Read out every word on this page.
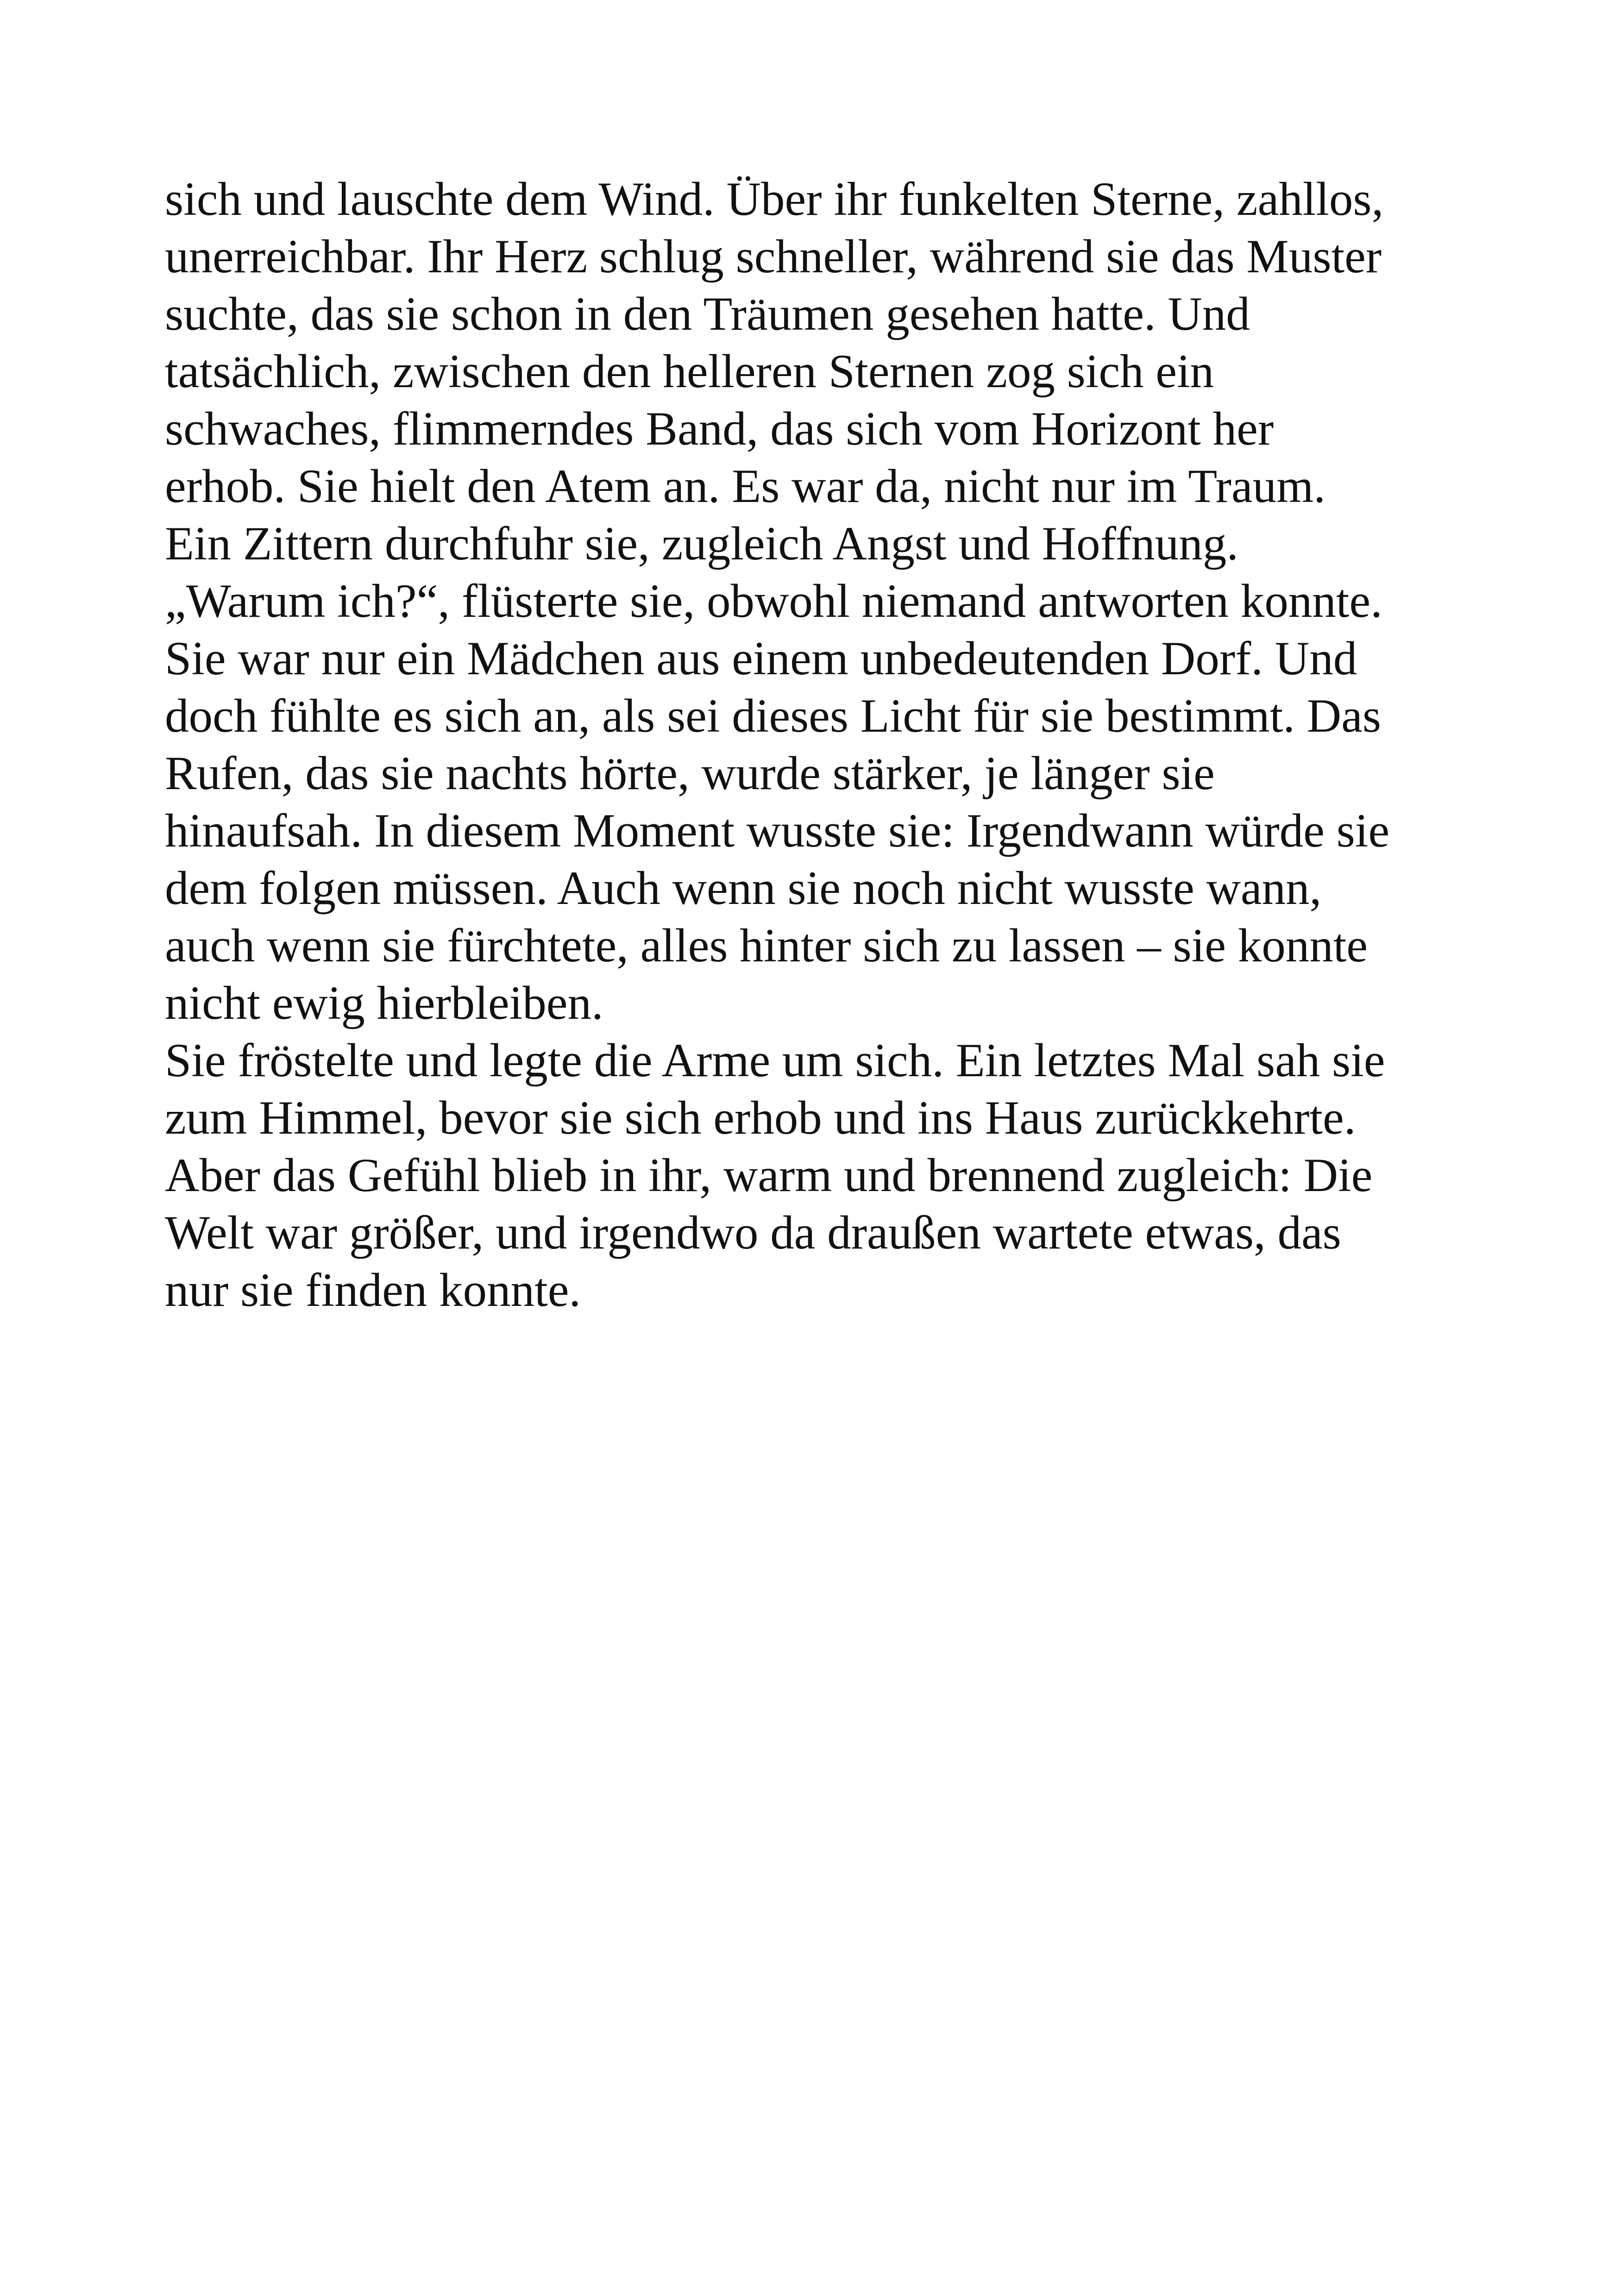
sich und lauschte dem Wind. Über ihr funkelten Sterne, zahllos,
unerreichbar. Ihr Herz schlug schneller, während sie das Muster
suchte, das sie schon in den Träumen gesehen hatte. Und
tatsächlich, zwischen den helleren Sternen zog sich ein
schwaches, flimmerndes Band, das sich vom Horizont her
erhob. Sie hielt den Atem an. Es war da, nicht nur im Traum.
Ein Zittern durchfuhr sie, zugleich Angst und Hoffnung.
„Warum ich?“, flüsterte sie, obwohl niemand antworten konnte.
Sie war nur ein Mädchen aus einem unbedeutenden Dorf. Und
doch fühlte es sich an, als sei dieses Licht für sie bestimmt. Das
Rufen, das sie nachts hörte, wurde stärker, je länger sie
hinaufsah. In diesem Moment wusste sie: Irgendwann würde sie
dem folgen müssen. Auch wenn sie noch nicht wusste wann,
auch wenn sie fürchtete, alles hinter sich zu lassen – sie konnte
nicht ewig hierbleiben.
Sie fröstelte und legte die Arme um sich. Ein letztes Mal sah sie
zum Himmel, bevor sie sich erhob und ins Haus zurückkehrte.
Aber das Gefühl blieb in ihr, warm und brennend zugleich: Die
Welt war größer, und irgendwo da draußen wartete etwas, das
nur sie finden konnte.
